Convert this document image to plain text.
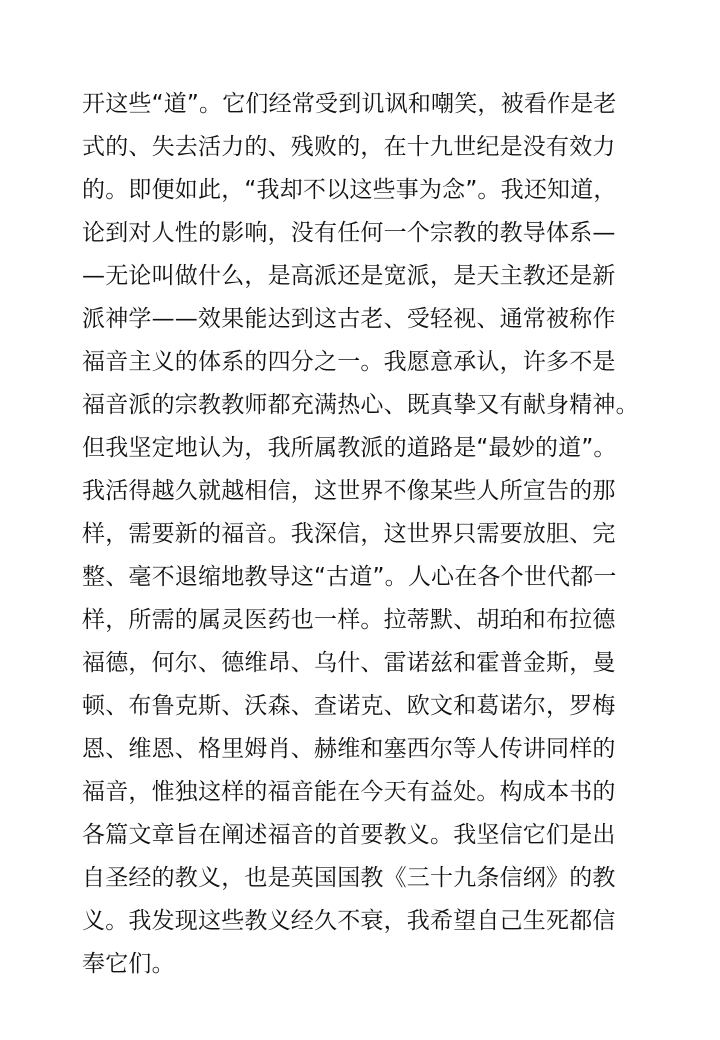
开这些“道”。它们经常受到讥讽和嘲笑，被看作是老
式的、失去活力的、残败的，在十九世纪是没有效力
的。即便如此，“我却不以这些事为念”。我还知道，
论到对人性的影响，没有任何一个宗教的教导体系—
—无论叫做什么，是高派还是宽派，是天主教还是新
派神学——效果能达到这古老、受轻视、通常被称作
福音主义的体系的四分之一。我愿意承认，许多不是
福音派的宗教教师都充满热心、既真挚又有献身精神。
但我坚定地认为，我所属教派的道路是“最妙的道”。
我活得越久就越相信，这世界不像某些人所宣告的那
样，需要新的福音。我深信，这世界只需要放胆、完
整、毫不退缩地教导这“古道”。人心在各个世代都一
样，所需的属灵医药也一样。拉蒂默、胡珀和布拉德
福德，何尔、德维昂、乌什、雷诺兹和霍普金斯，曼
顿、布鲁克斯、沃森、查诺克、欧文和葛诺尔，罗梅
恩、维恩、格里姆肖、赫维和塞西尔等人传讲同样的
福音，惟独这样的福音能在今天有益处。构成本书的
各篇文章旨在阐述福音的首要教义。我坚信它们是出
自圣经的教义，也是英国国教《三十九条信纲》的教
义。我发现这些教义经久不衰，我希望自己生死都信
奉它们。
